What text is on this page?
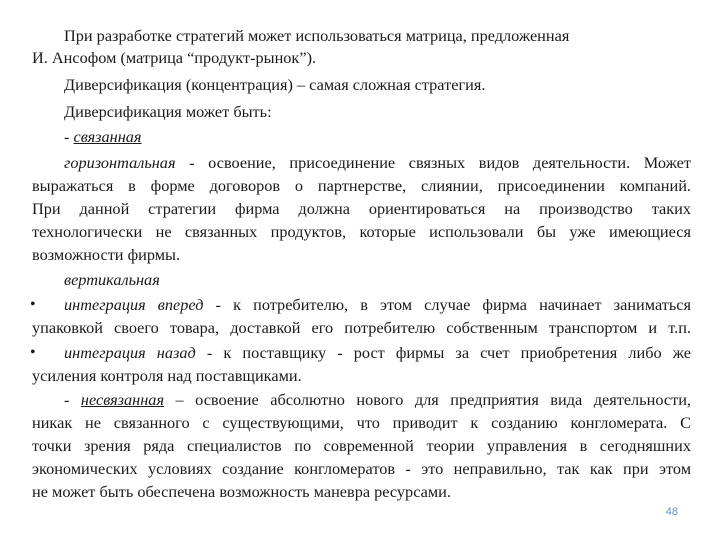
При разработке стратегий может использоваться матрица, предложенная
И. Ансофом (матрица “продукт-рынок”).
Диверсификация (концентрация) – самая сложная стратегия.
Диверсификация может быть:
- связанная
горизонтальная - освоение, присоединение связных видов деятельности. Может
выражаться в форме договоров о партнерстве, слиянии, присоединении компаний.
При данной стратегии фирма должна ориентироваться на производство таких
технологически не связанных продуктов, которые использовали бы уже имеющиеся
возможности фирмы.
вертикальная
• интеграция вперед - к потребителю, в этом случае фирма начинает заниматься
упаковкой своего товара, доставкой его потребителю собственным транспортом и т.п.
• интеграция назад - к поставщику - рост фирмы за счет приобретения либо же
усиления контроля над поставщиками.
- несвязанная – освоение абсолютно нового для предприятия вида деятельности,
никак не связанного с существующими, что приводит к созданию конгломерата. С
точки зрения ряда специалистов по современной теории управления в сегодняшних
экономических условиях создание конгломератов - это неправильно, так как при этом
не может быть обеспечена возможность маневра ресурсами.
48
